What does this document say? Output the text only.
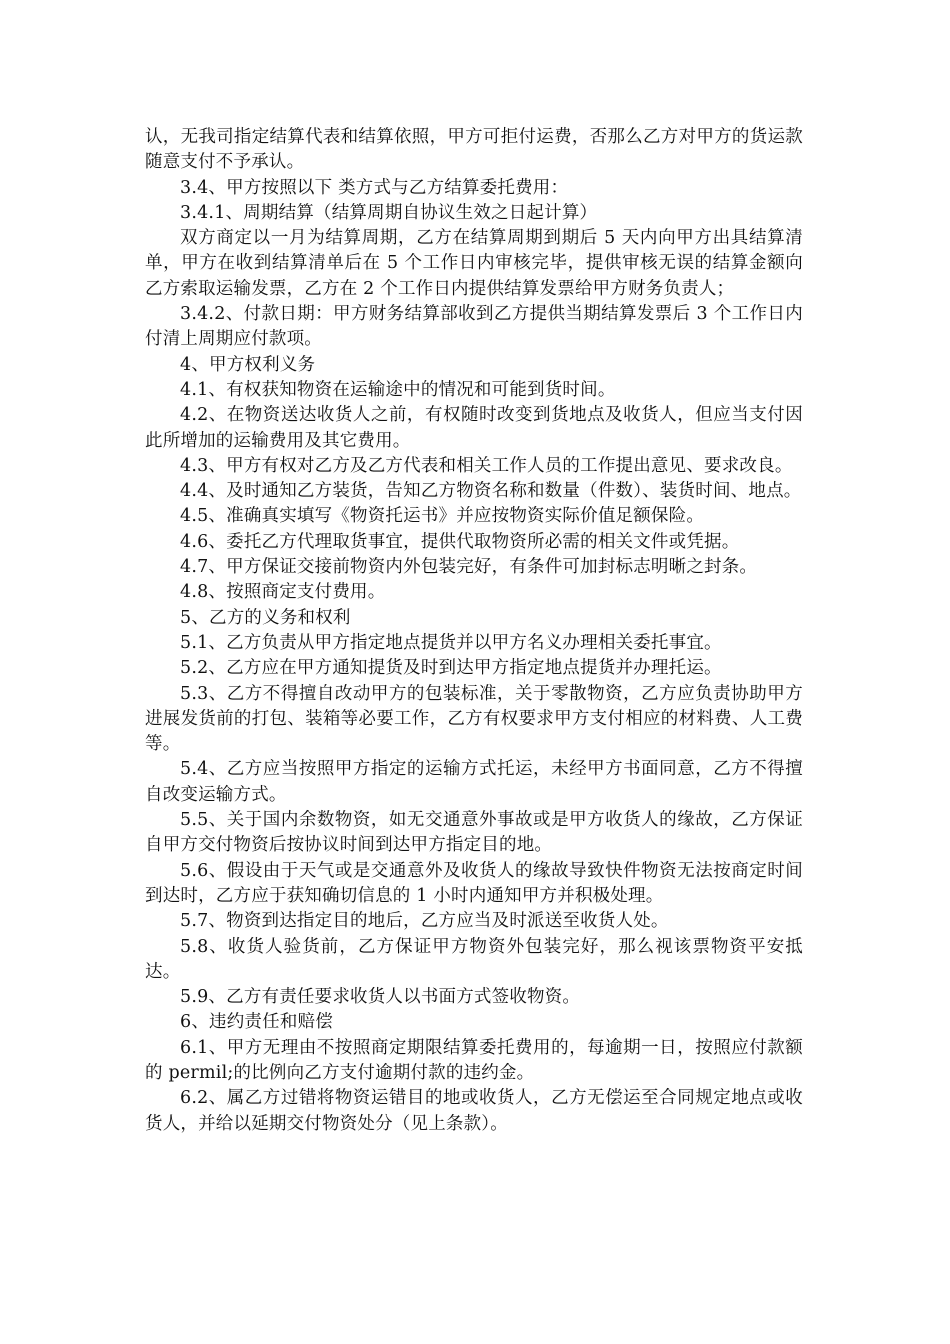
认，无我司指定结算代表和结算依照，甲方可拒付运费，否那么乙方对甲方的货运款随意支付不予承认。

3.4、甲方按照以下 类方式与乙方结算委托费用：

3.4.1、周期结算（结算周期自协议生效之日起计算）

双方商定以一月为结算周期，乙方在结算周期到期后 5 天内向甲方出具结算清单，甲方在收到结算清单后在 5 个工作日内审核完毕，提供审核无误的结算金额向乙方索取运输发票，乙方在 2 个工作日内提供结算发票给甲方财务负责人；

3.4.2、付款日期：甲方财务结算部收到乙方提供当期结算发票后 3 个工作日内付清上周期应付款项。

4、甲方权利义务

4.1、有权获知物资在运输途中的情况和可能到货时间。

4.2、在物资送达收货人之前，有权随时改变到货地点及收货人，但应当支付因此所增加的运输费用及其它费用。

4.3、甲方有权对乙方及乙方代表和相关工作人员的工作提出意见、要求改良。

4.4、及时通知乙方装货，告知乙方物资名称和数量（件数）、装货时间、地点。

4.5、准确真实填写《物资托运书》并应按物资实际价值足额保险。

4.6、委托乙方代理取货事宜，提供代取物资所必需的相关文件或凭据。

4.7、甲方保证交接前物资内外包装完好，有条件可加封标志明晰之封条。

4.8、按照商定支付费用。

5、乙方的义务和权利

5.1、乙方负责从甲方指定地点提货并以甲方名义办理相关委托事宜。

5.2、乙方应在甲方通知提货及时到达甲方指定地点提货并办理托运。

5.3、乙方不得擅自改动甲方的包装标准，关于零散物资，乙方应负责协助甲方进展发货前的打包、装箱等必要工作，乙方有权要求甲方支付相应的材料费、人工费等。

5.4、乙方应当按照甲方指定的运输方式托运，未经甲方书面同意，乙方不得擅自改变运输方式。

5.5、关于国内余数物资，如无交通意外事故或是甲方收货人的缘故，乙方保证自甲方交付物资后按协议时间到达甲方指定目的地。

5.6、假设由于天气或是交通意外及收货人的缘故导致快件物资无法按商定时间到达时，乙方应于获知确切信息的 1 小时内通知甲方并积极处理。

5.7、物资到达指定目的地后，乙方应当及时派送至收货人处。

5.8、收货人验货前，乙方保证甲方物资外包装完好，那么视该票物资平安抵达。

5.9、乙方有责任要求收货人以书面方式签收物资。

6、违约责任和赔偿

6.1、甲方无理由不按照商定期限结算委托费用的，每逾期一日，按照应付款额的 permil;的比例向乙方支付逾期付款的违约金。

6.2、属乙方过错将物资运错目的地或收货人，乙方无偿运至合同规定地点或收货人，并给以延期交付物资处分（见上条款）。
